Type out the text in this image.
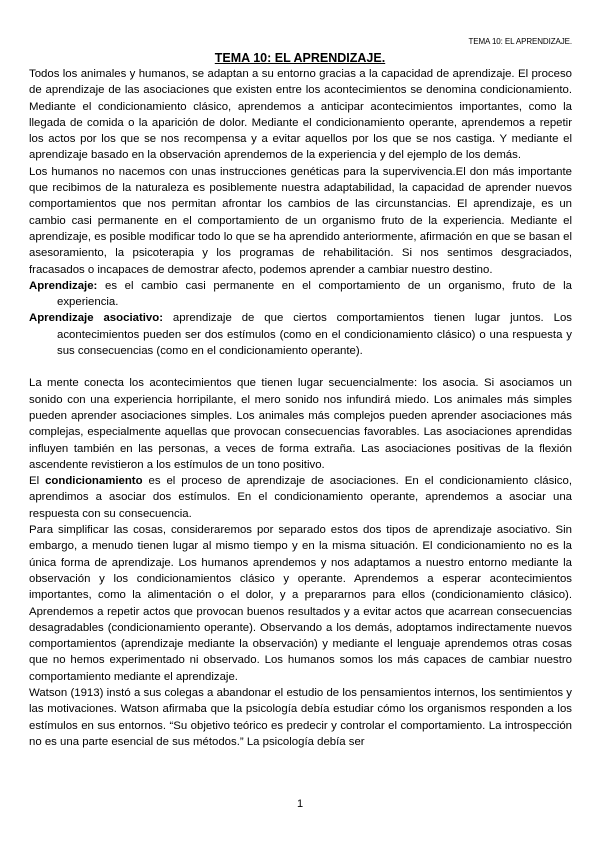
TEMA 10: EL APRENDIZAJE.
TEMA 10: EL APRENDIZAJE.

Todos los animales y humanos, se adaptan a su entorno gracias a la capacidad de aprendizaje. El proceso de aprendizaje de las asociaciones que existen entre los acontecimientos se denomina condicionamiento. Mediante el condicionamiento clásico, aprendemos a anticipar acontecimientos importantes, como la llegada de comida o la aparición de dolor. Mediante el condicionamiento operante, aprendemos a repetir los actos por los que se nos recompensa y a evitar aquellos por los que se nos castiga. Y mediante el aprendizaje basado en la observación aprendemos de la experiencia y del ejemplo de los demás.

Los humanos no nacemos con unas instrucciones genéticas para la supervivencia.El don más importante que recibimos de la naturaleza es posiblemente nuestra adaptabilidad, la capacidad de aprender nuevos comportamientos que nos permitan afrontar los cambios de las circunstancias. El aprendizaje, es un cambio casi permanente en el comportamiento de un organismo fruto de la experiencia. Mediante el aprendizaje, es posible modificar todo lo que se ha aprendido anteriormente, afirmación en que se basan el asesoramiento, la psicoterapia y los programas de rehabilitación. Si nos sentimos desgraciados, fracasados o incapaces de demostrar afecto, podemos aprender a cambiar nuestro destino.

Aprendizaje: es el cambio casi permanente en el comportamiento de un organismo, fruto de la experiencia.

Aprendizaje asociativo: aprendizaje de que ciertos comportamientos tienen lugar juntos. Los acontecimientos pueden ser dos estímulos (como en el condicionamiento clásico) o una respuesta y sus consecuencias (como en el condicionamiento operante).

La mente conecta los acontecimientos que tienen lugar secuencialmente: los asocia. Si asociamos un sonido con una experiencia horripilante, el mero sonido nos infundirá miedo. Los animales más simples pueden aprender asociaciones simples. Los animales más complejos pueden aprender asociaciones más complejas, especialmente aquellas que provocan consecuencias favorables. Las asociaciones aprendidas influyen también en las personas, a veces de forma extraña. Las asociaciones positivas de la flexión ascendente revistieron a los estímulos de un tono positivo.

El condicionamiento es el proceso de aprendizaje de asociaciones. En el condicionamiento clásico, aprendimos a asociar dos estímulos. En el condicionamiento operante, aprendemos a asociar una respuesta con su consecuencia.

Para simplificar las cosas, consideraremos por separado estos dos tipos de aprendizaje asociativo. Sin embargo, a menudo tienen lugar al mismo tiempo y en la misma situación. El condicionamiento no es la única forma de aprendizaje. Los humanos aprendemos y nos adaptamos a nuestro entorno mediante la observación y los condicionamientos clásico y operante. Aprendemos a esperar acontecimientos importantes, como la alimentación o el dolor, y a prepararnos para ellos (condicionamiento clásico). Aprendemos a repetir actos que provocan buenos resultados y a evitar actos que acarrean consecuencias desagradables (condicionamiento operante). Observando a los demás, adoptamos indirectamente nuevos comportamientos (aprendizaje mediante la observación) y mediante el lenguaje aprendemos otras cosas que no hemos experimentado ni observado. Los humanos somos los más capaces de cambiar nuestro comportamiento mediante el aprendizaje.

Watson (1913) instó a sus colegas a abandonar el estudio de los pensamientos internos, los sentimientos y las motivaciones. Watson afirmaba que la psicología debía estudiar cómo los organismos responden a los estímulos en sus entornos. “Su objetivo teórico es predecir y controlar el comportamiento. La introspección no es una parte esencial de sus métodos.” La psicología debía ser

1
